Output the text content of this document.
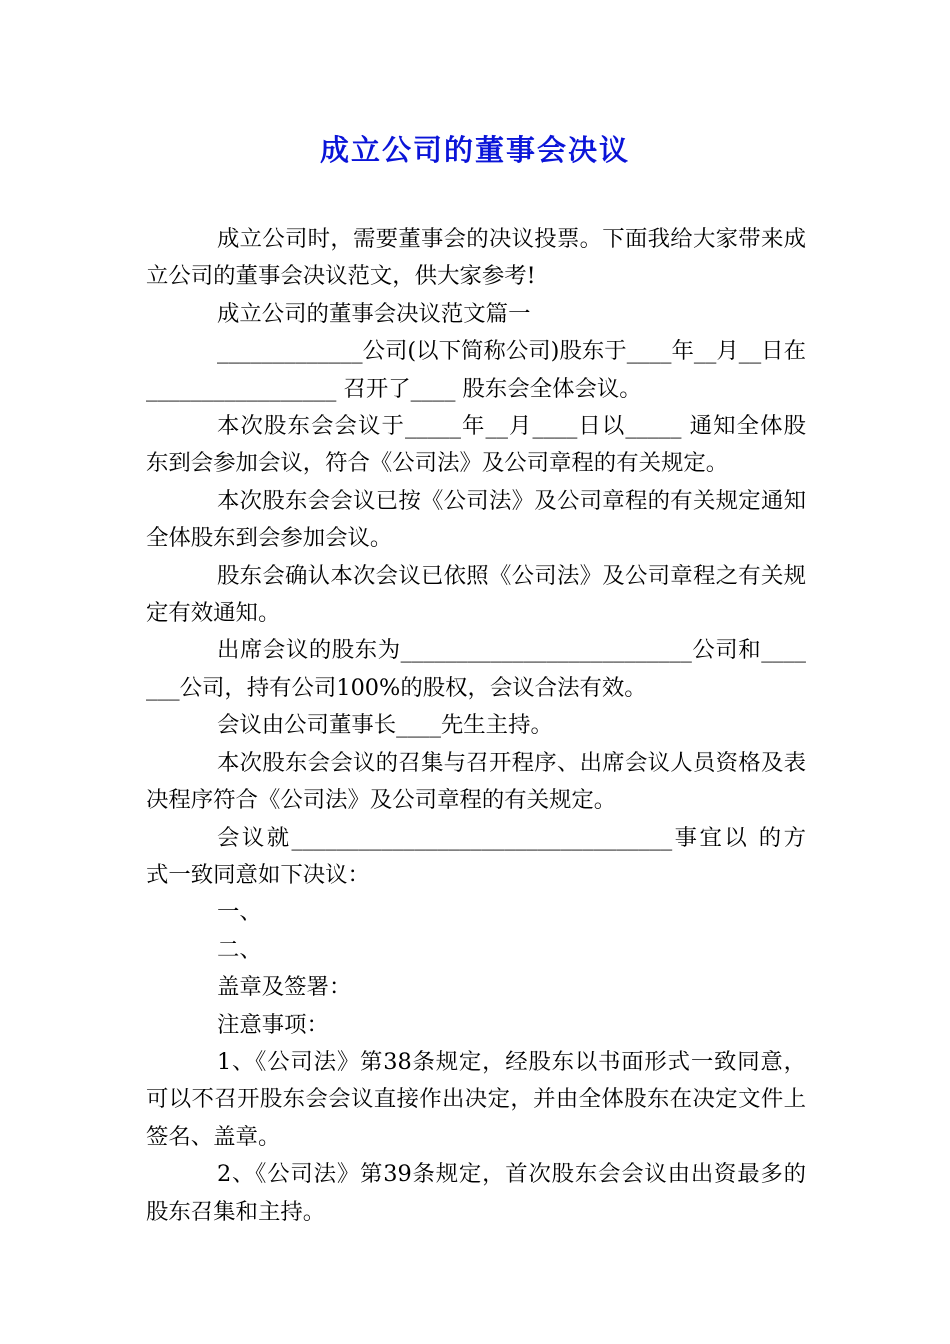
成立公司的董事会决议

成立公司时，需要董事会的决议投票。下面我给大家带来成立公司的董事会决议范文，供大家参考!

成立公司的董事会决议范文篇一

_____________公司(以下简称公司)股东于____年__月__日在_________________ 召开了____ 股东会全体会议。

本次股东会会议于_____年__月____日以_____ 通知全体股东到会参加会议，符合《公司法》及公司章程的有关规定。

本次股东会会议已按《公司法》及公司章程的有关规定通知全体股东到会参加会议。

股东会确认本次会议已依照《公司法》及公司章程之有关规定有效通知。

出席会议的股东为__________________________公司和_______公司，持有公司100%的股权，会议合法有效。

会议由公司董事长____先生主持。

本次股东会会议的召集与召开程序、出席会议人员资格及表决程序符合《公司法》及公司章程的有关规定。

会议就__________________________________事宜以 的方式一致同意如下决议：

一、

二、

盖章及签署：

注意事项：

1、《公司法》第38条规定，经股东以书面形式一致同意，可以不召开股东会会议直接作出决定，并由全体股东在决定文件上签名、盖章。

2、《公司法》第39条规定，首次股东会会议由出资最多的股东召集和主持。
